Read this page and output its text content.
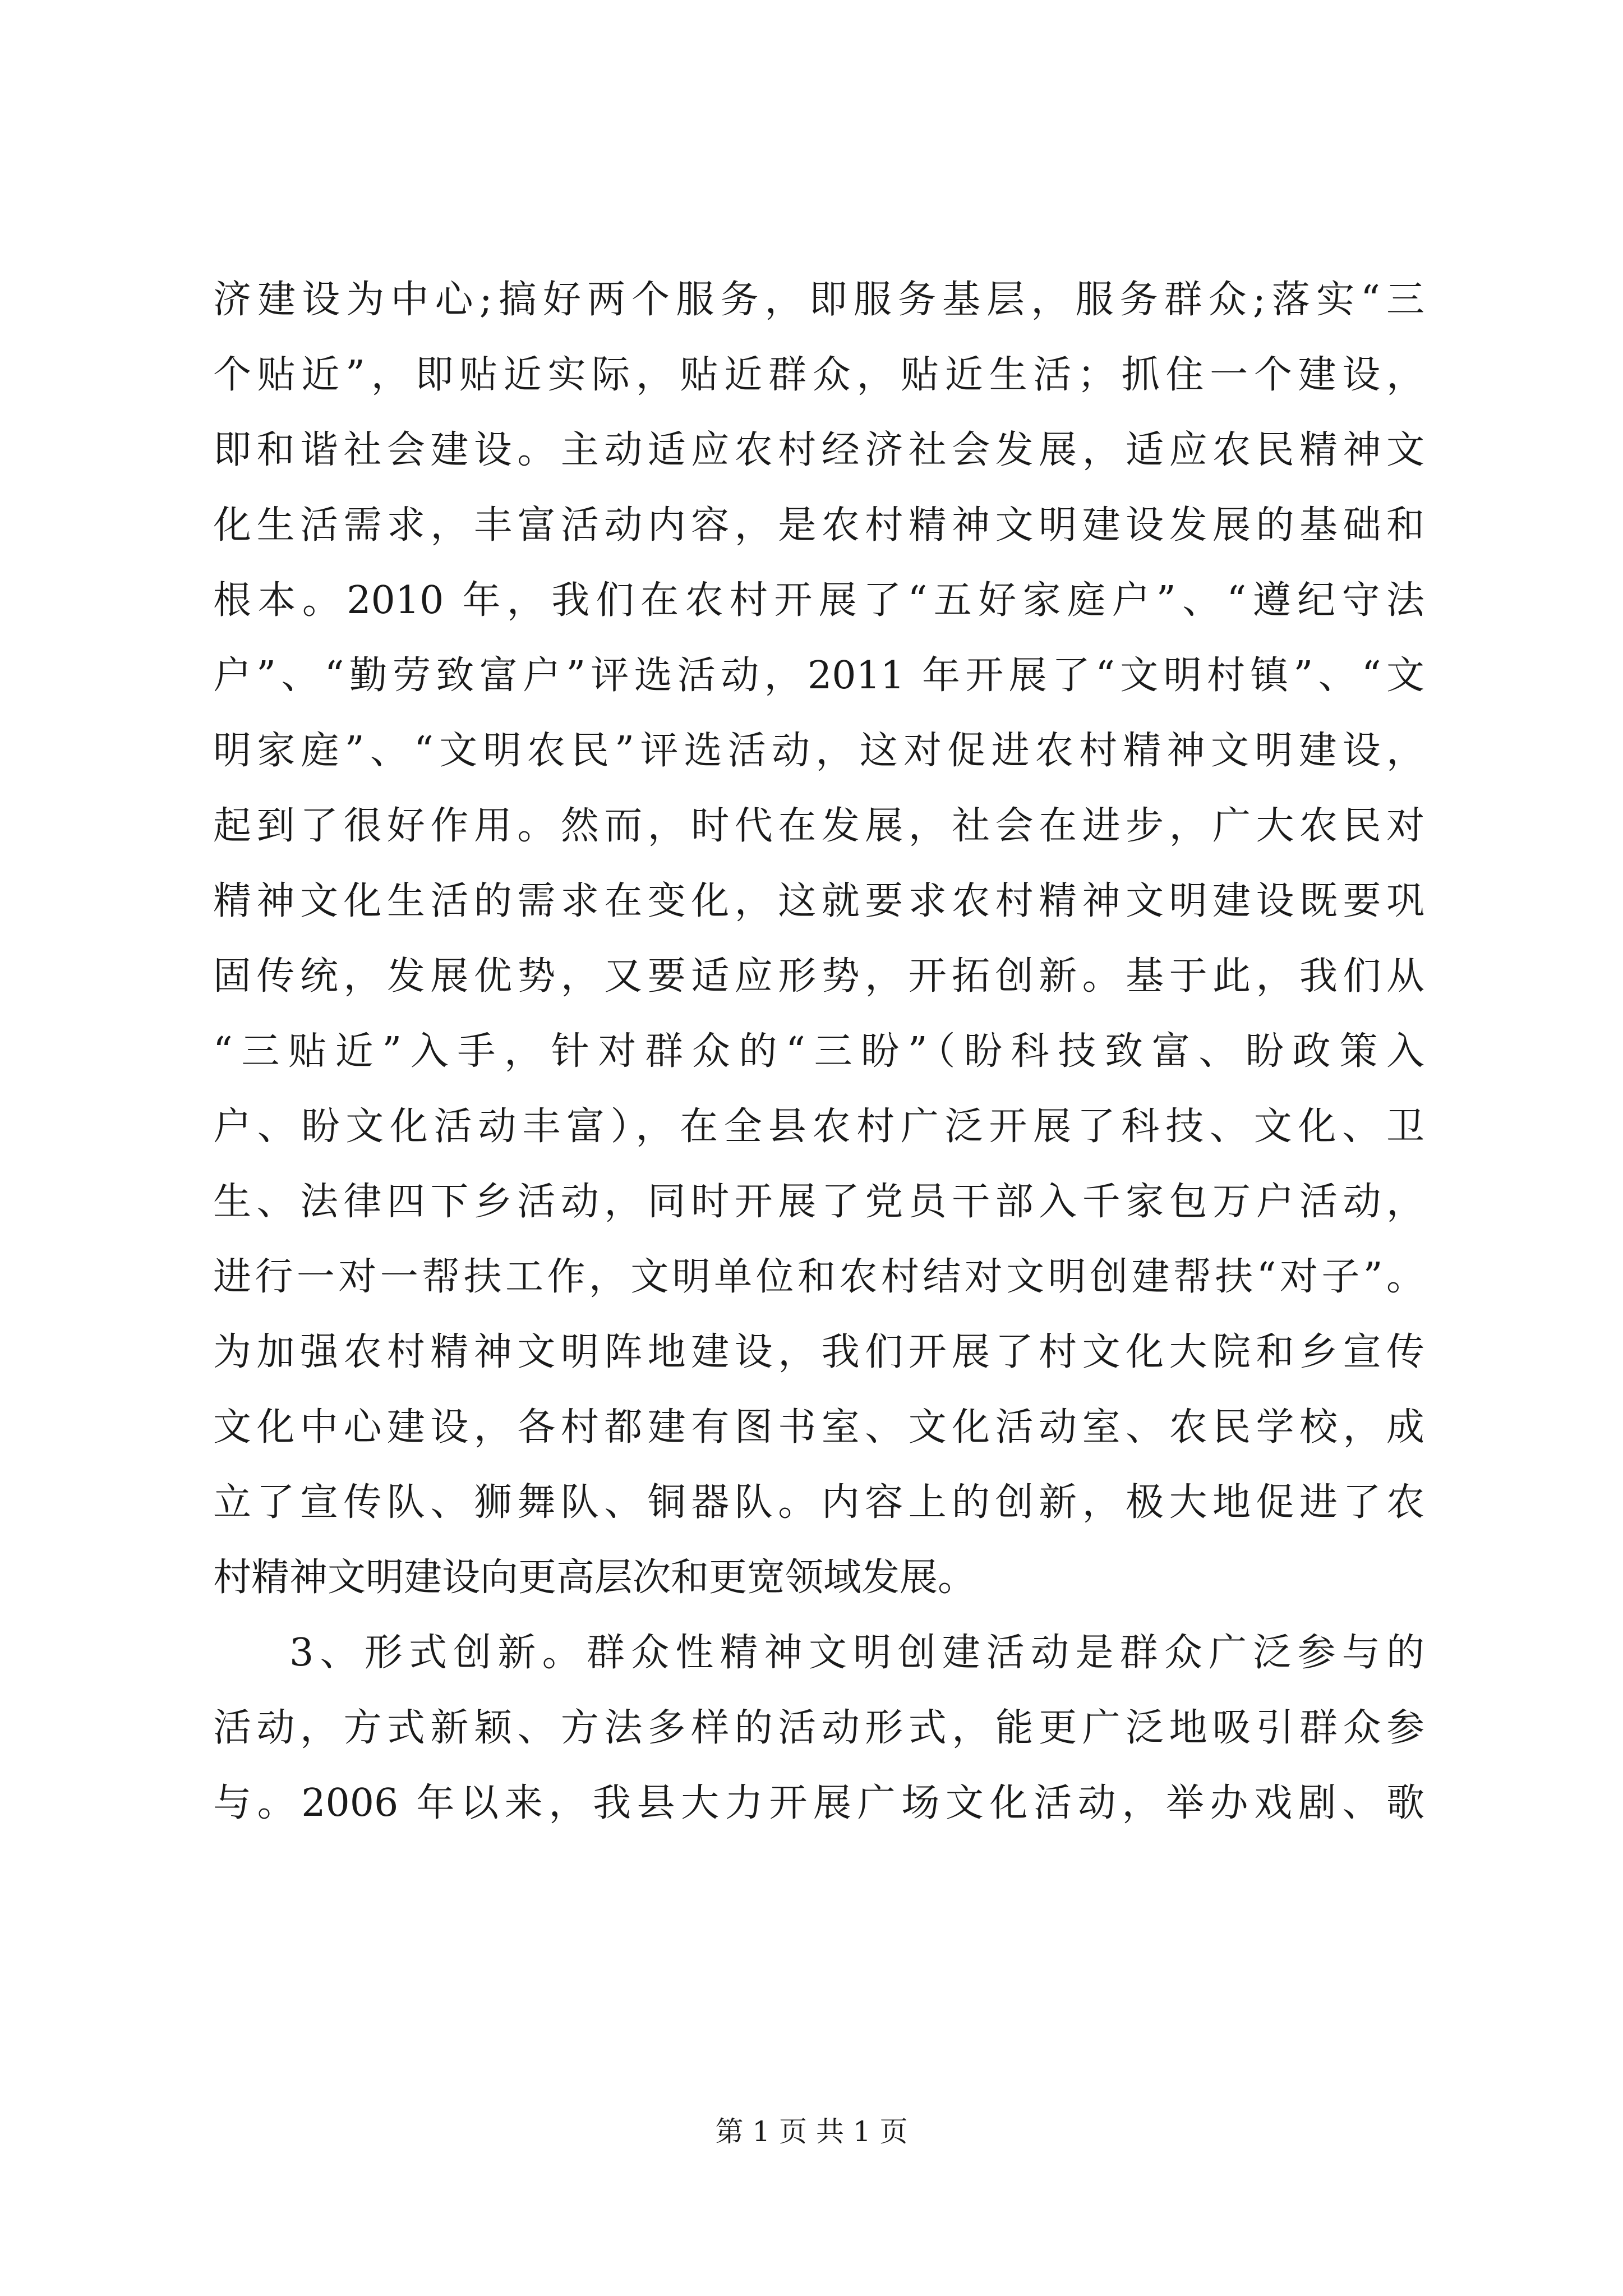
济建设为中心;搞好两个服务，即服务基层，服务群众;落实“三
个贴近”，即贴近实际，贴近群众，贴近生活；抓住一个建设，
即和谐社会建设。主动适应农村经济社会发展，适应农民精神文
化生活需求，丰富活动内容，是农村精神文明建设发展的基础和
根本。2010 年，我们在农村开展了“五好家庭户”、“遵纪守法
户”、“勤劳致富户”评选活动，2011 年开展了“文明村镇”、“文
明家庭”、“文明农民”评选活动，这对促进农村精神文明建设，
起到了很好作用。然而，时代在发展，社会在进步，广大农民对
精神文化生活的需求在变化，这就要求农村精神文明建设既要巩
固传统，发展优势，又要适应形势，开拓创新。基于此，我们从
“三贴近”入手，针对群众的“三盼”（盼科技致富、盼政策入
户、盼文化活动丰富），在全县农村广泛开展了科技、文化、卫
生、法律四下乡活动，同时开展了党员干部入千家包万户活动，
进行一对一帮扶工作，文明单位和农村结对文明创建帮扶“对子”。
为加强农村精神文明阵地建设，我们开展了村文化大院和乡宣传
文化中心建设，各村都建有图书室、文化活动室、农民学校，成
立了宣传队、狮舞队、铜器队。内容上的创新，极大地促进了农
村精神文明建设向更高层次和更宽领域发展。
3、形式创新。群众性精神文明创建活动是群众广泛参与的
活动，方式新颖、方法多样的活动形式，能更广泛地吸引群众参
与。2006 年以来，我县大力开展广场文化活动，举办戏剧、歌
第 1 页 共 1 页
